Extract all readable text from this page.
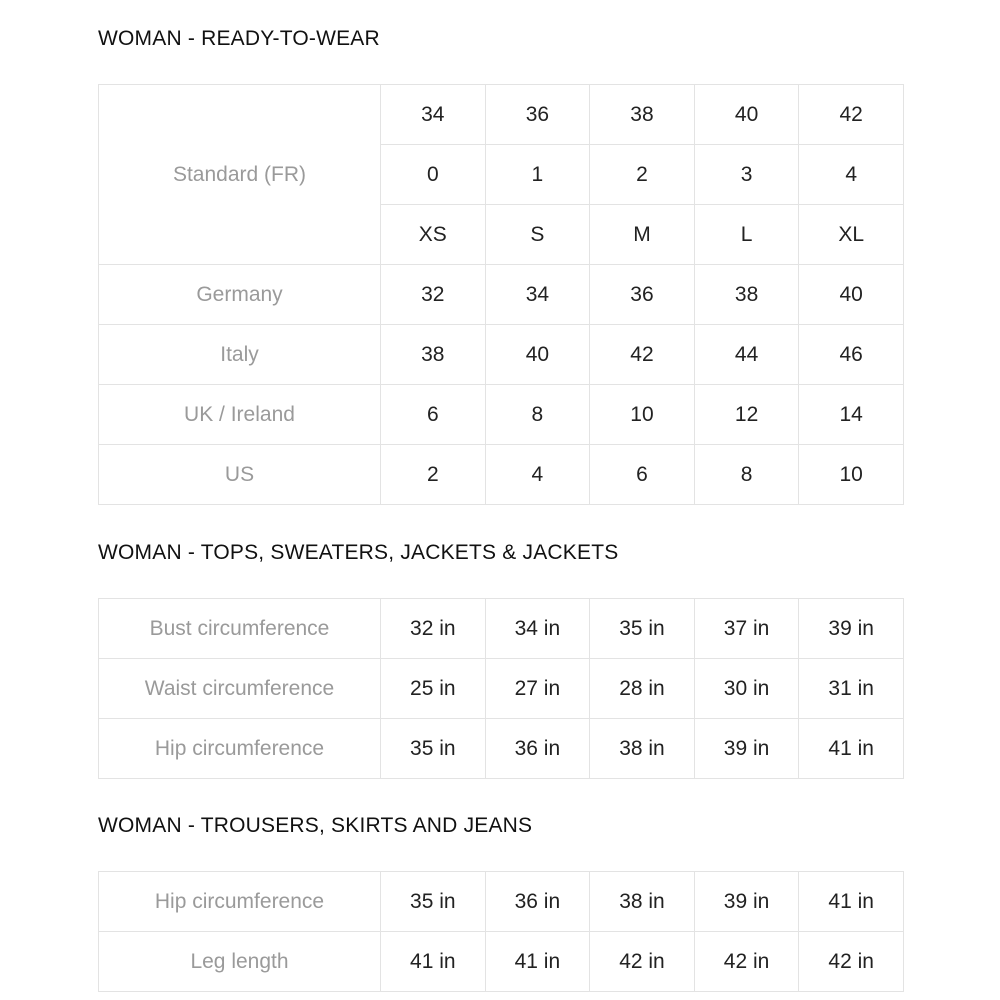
WOMAN - READY-TO-WEAR
Standard (FR)	34	36	38	40	42
	0	1	2	3	4
	XS	S	M	L	XL
Germany	32	34	36	38	40
Italy	38	40	42	44	46
UK / Ireland	6	8	10	12	14
US	2	4	6	8	10
WOMAN - TOPS, SWEATERS, JACKETS & JACKETS
Bust circumference	32 in	34 in	35 in	37 in	39 in
Waist circumference	25 in	27 in	28 in	30 in	31 in
Hip circumference	35 in	36 in	38 in	39 in	41 in
WOMAN - TROUSERS, SKIRTS AND JEANS
Hip circumference	35 in	36 in	38 in	39 in	41 in
Leg length	41 in	41 in	42 in	42 in	42 in
